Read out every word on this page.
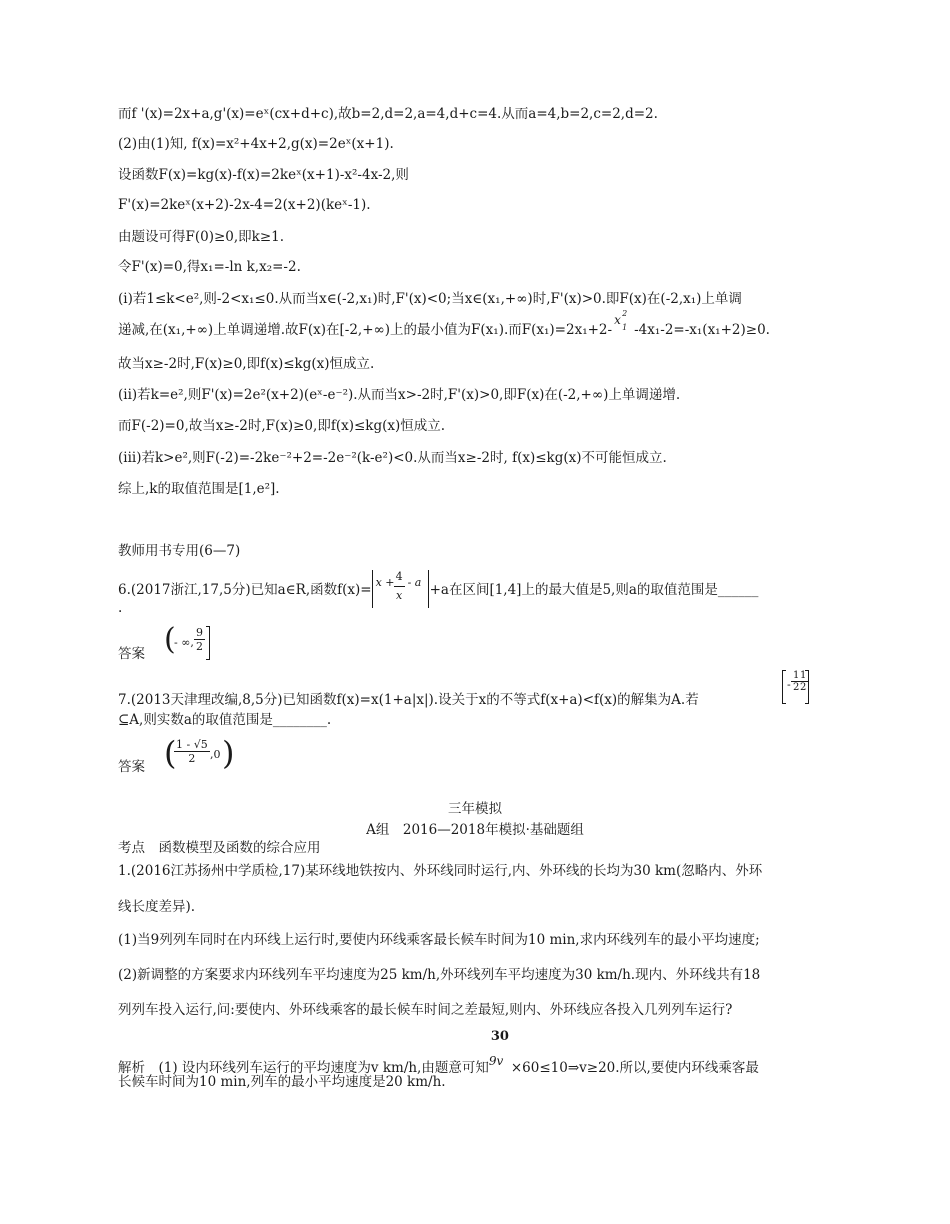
而f '(x)=2x+a,g'(x)=eˣ(cx+d+c),故b=2,d=2,a=4,d+c=4.从而a=4,b=2,c=2,d=2.
(2)由(1)知, f(x)=x²+4x+2,g(x)=2eˣ(x+1).
设函数F(x)=kg(x)-f(x)=2keˣ(x+1)-x²-4x-2,则
F'(x)=2keˣ(x+2)-2x-4=2(x+2)(keˣ-1).
由题设可得F(0)≥0,即k≥1.
令F'(x)=0,得x₁=-ln k,x₂=-2.
(i)若1≤k<e²,则-2<x₁≤0.从而当x∈(-2,x₁)时,F'(x)<0;当x∈(x₁,+∞)时,F'(x)>0.即F(x)在(-2,x₁)上单调
递减,在(x₁,+∞)上单调递增.故F(x)在[-2,+∞)上的最小值为F(x₁).而F(x₁)=2x₁+2-
x 2
1 -4x₁-2=-x₁(x₁+2)≥0.
故当x≥-2时,F(x)≥0,即f(x)≤kg(x)恒成立.
(ii)若k=e²,则F'(x)=2e²(x+2)(eˣ-e⁻²).从而当x>-2时,F'(x)>0,即F(x)在(-2,+∞)上单调递增.
而F(-2)=0,故当x≥-2时,F(x)≥0,即f(x)≤kg(x)恒成立.
(iii)若k>e²,则F(-2)=-2ke⁻²+2=-2e⁻²(k-e²)<0.从而当x≥-2时, f(x)≤kg(x)不可能恒成立.
综上,k的取值范围是[1,e²].
教师用书专用(6—7)
6.(2017浙江,17,5分)已知a∈R,函数$f(x)= x + \frac{4}{x} - a +a$在区间[1,4]上的最大值是5,则a的取值范围是______
.
答案 (
- ∞, $\frac{9}{2}$
7.(2013天津理改编,8,5分)已知函数f(x)=x(1+a|x|).设关于x的不等式f(x+a)<f(x)的解集为A.若
- $\frac{1}{2}$
$\frac{1}{2}$
⊆A,则实数a的取值范围是________.
答案 (
$\frac{1 - √5}{2} ,0$ )
三年模拟
A组　2016—2018年模拟·基础题组
考点　函数模型及函数的综合应用
1.(2016江苏扬州中学质检,17)某环线地铁按内、外环线同时运行,内、外环线的长均为30 km(忽略内、外环
线长度差异).
(1)当9列列车同时在内环线上运行时,要使内环线乘客最长候车时间为10 min,求内环线列车的最小平均速度;
(2)新调整的方案要求内环线列车平均速度为25 km/h,外环线列车平均速度为30 km/h.现内、外环线共有18
列列车投入运行,问:要使内、外环线乘客的最长候车时间之差最短,则内、外环线应各投入几列列车运行?
解析　(1) 设内环线列车运行的平均速度为v km/h,由题意可知
30
9v ×60≤10⇒v≥20.所以,要使内环线乘客最
长候车时间为10 min,列车的最小平均速度是20 km/h.
